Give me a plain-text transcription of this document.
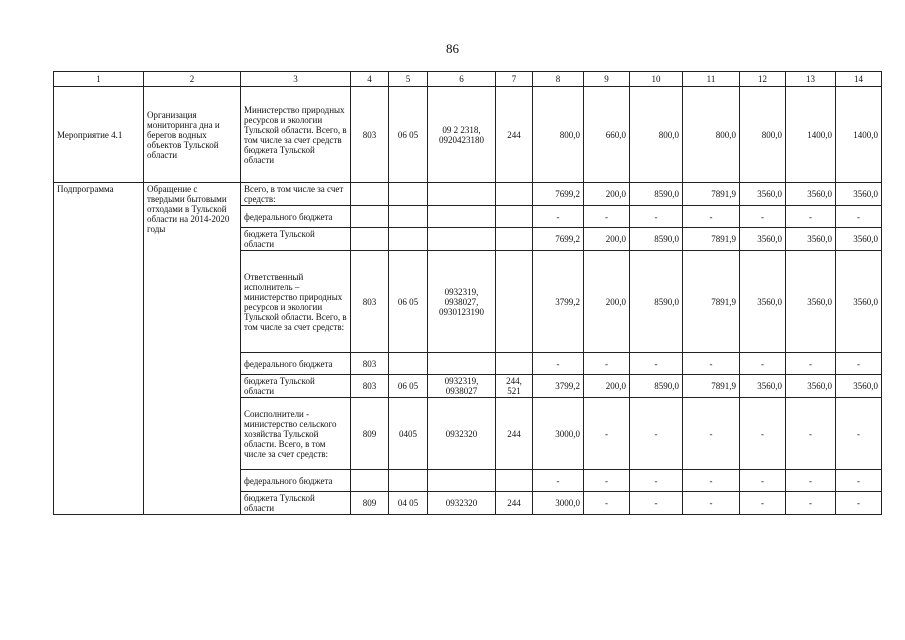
86
1	2	3	4	5	6	7	8	9	10	11	12	13	14
Мероприятие 4.1	Организация мониторинга дна и берегов водных объектов Тульской области	Министерство природных ресурсов и экологии Тульской области. Всего, в том числе за счет средств бюджета Тульской области	803	06 05	09 2 2318, 0920423180	244	800,0	660,0	800,0	800,0	800,0	1400,0	1400,0
Подпрограмма	Обращение с твердыми бытовыми отходами в Тульской области на 2014-2020 годы	Всего, в том числе за счет средств:					7699,2	200,0	8590,0	7891,9	3560,0	3560,0	3560,0
		федерального бюджета					-	-	-	-	-	-	-
		бюджета Тульской области					7699,2	200,0	8590,0	7891,9	3560,0	3560,0	3560,0
		Ответственный исполнитель – министерство природных ресурсов и экологии Тульской области. Всего, в том числе за счет средств:	803	06 05	0932319, 0938027, 0930123190		3799,2	200,0	8590,0	7891,9	3560,0	3560,0	3560,0
		федерального бюджета	803				-	-	-	-	-	-	-
		бюджета Тульской области	803	06 05	0932319, 0938027	244, 521	3799,2	200,0	8590,0	7891,9	3560,0	3560,0	3560,0
		Соисполнители - министерство сельского хозяйства Тульской области. Всего, в том числе за счет средств:	809	0405	0932320	244	3000,0	-	-	-	-	-	-
		федерального бюджета					-	-	-	-	-	-	-
		бюджета Тульской области	809	04 05	0932320	244	3000,0	-	-	-	-	-	-
